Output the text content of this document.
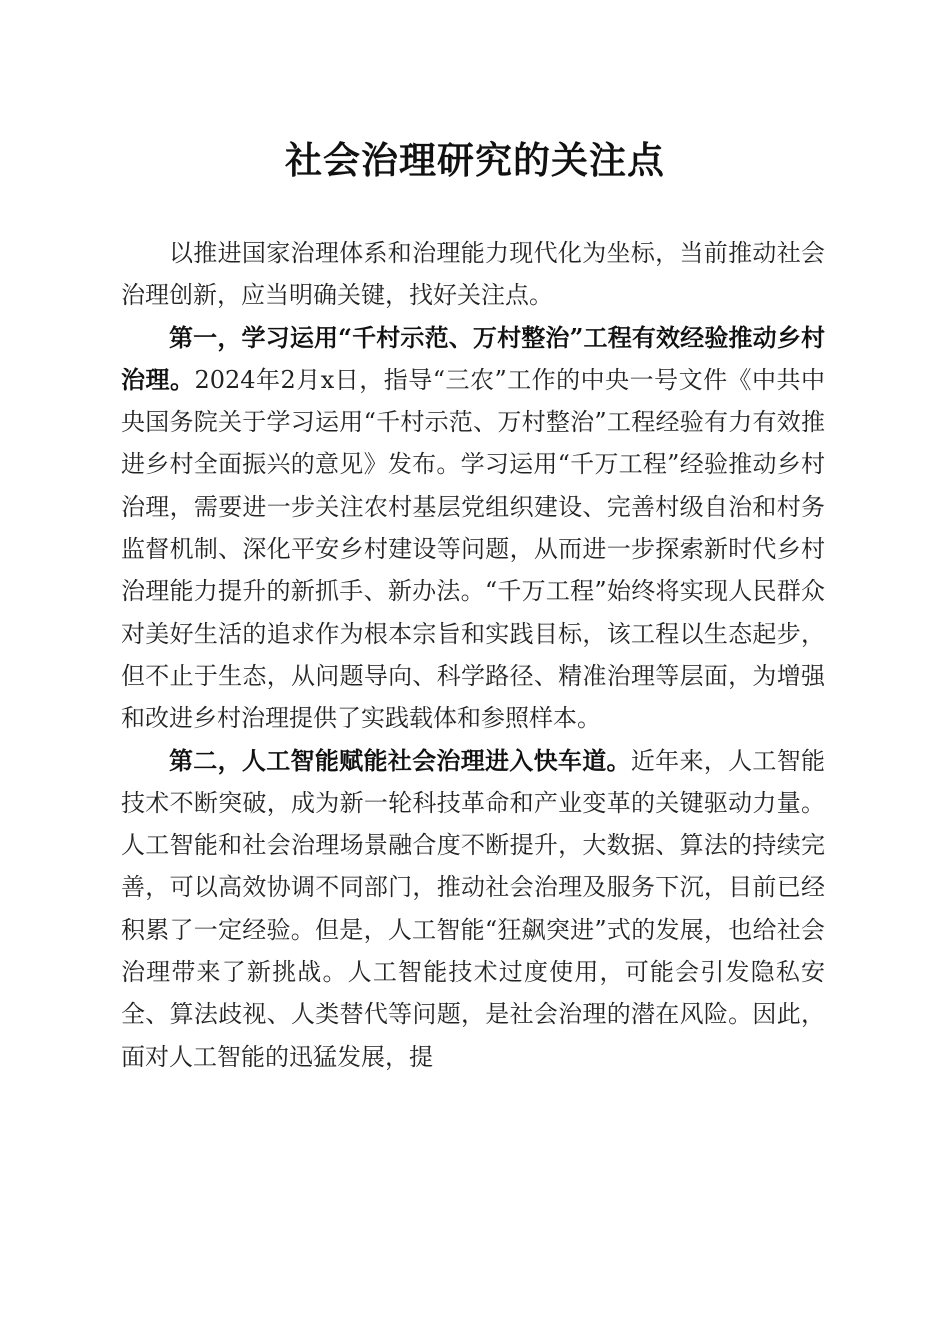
社会治理研究的关注点

以推进国家治理体系和治理能力现代化为坐标，当前推动社会治理创新，应当明确关键，找好关注点。

第一，学习运用“千村示范、万村整治”工程有效经验推动乡村治理。2024年2月x日，指导“三农”工作的中央一号文件《中共中央国务院关于学习运用“千村示范、万村整治”工程经验有力有效推进乡村全面振兴的意见》发布。学习运用“千万工程”经验推动乡村治理，需要进一步关注农村基层党组织建设、完善村级自治和村务监督机制、深化平安乡村建设等问题，从而进一步探索新时代乡村治理能力提升的新抓手、新办法。“千万工程”始终将实现人民群众对美好生活的追求作为根本宗旨和实践目标，该工程以生态起步，但不止于生态，从问题导向、科学路径、精准治理等层面，为增强和改进乡村治理提供了实践载体和参照样本。

第二，人工智能赋能社会治理进入快车道。近年来，人工智能技术不断突破，成为新一轮科技革命和产业变革的关键驱动力量。人工智能和社会治理场景融合度不断提升，大数据、算法的持续完善，可以高效协调不同部门，推动社会治理及服务下沉，目前已经积累了一定经验。但是，人工智能“狂飙突进”式的发展，也给社会治理带来了新挑战。人工智能技术过度使用，可能会引发隐私安全、算法歧视、人类替代等问题，是社会治理的潜在风险。因此，面对人工智能的迅猛发展，提
